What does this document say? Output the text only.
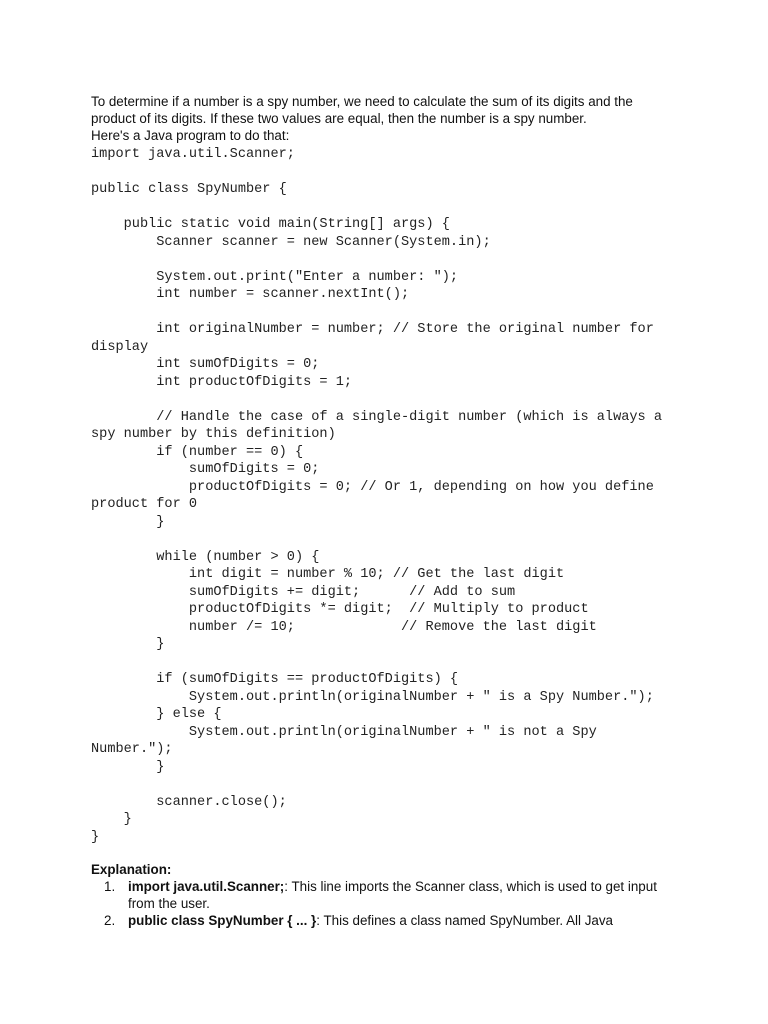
To determine if a number is a spy number, we need to calculate the sum of its digits and the

product of its digits. If these two values are equal, then the number is a spy number.

Here's a Java program to do that:

import java.util.Scanner;

public class SpyNumber {

public static void main(String[] args) {
Scanner scanner = new Scanner(System.in);

System.out.print("Enter a number: ");
int number = scanner.nextInt();

int originalNumber = number; // Store the original number for
display
int sumOfDigits = 0;
int productOfDigits = 1;

// Handle the case of a single-digit number (which is always a
spy number by this definition)
if (number == 0) {
sumOfDigits = 0;
productOfDigits = 0; // Or 1, depending on how you define
product for 0
}

while (number > 0) {
int digit = number % 10; // Get the last digit
sumOfDigits += digit;      // Add to sum
productOfDigits *= digit;  // Multiply to product
number /= 10;             // Remove the last digit
}

if (sumOfDigits == productOfDigits) {
System.out.println(originalNumber + " is a Spy Number.");
} else {
System.out.println(originalNumber + " is not a Spy
Number.");
}

scanner.close();
}
}

Explanation:

1. import java.util.Scanner;: This line imports the Scanner class, which is used to get input
from the user.
2. public class SpyNumber { ... }: This defines a class named SpyNumber. All Java
